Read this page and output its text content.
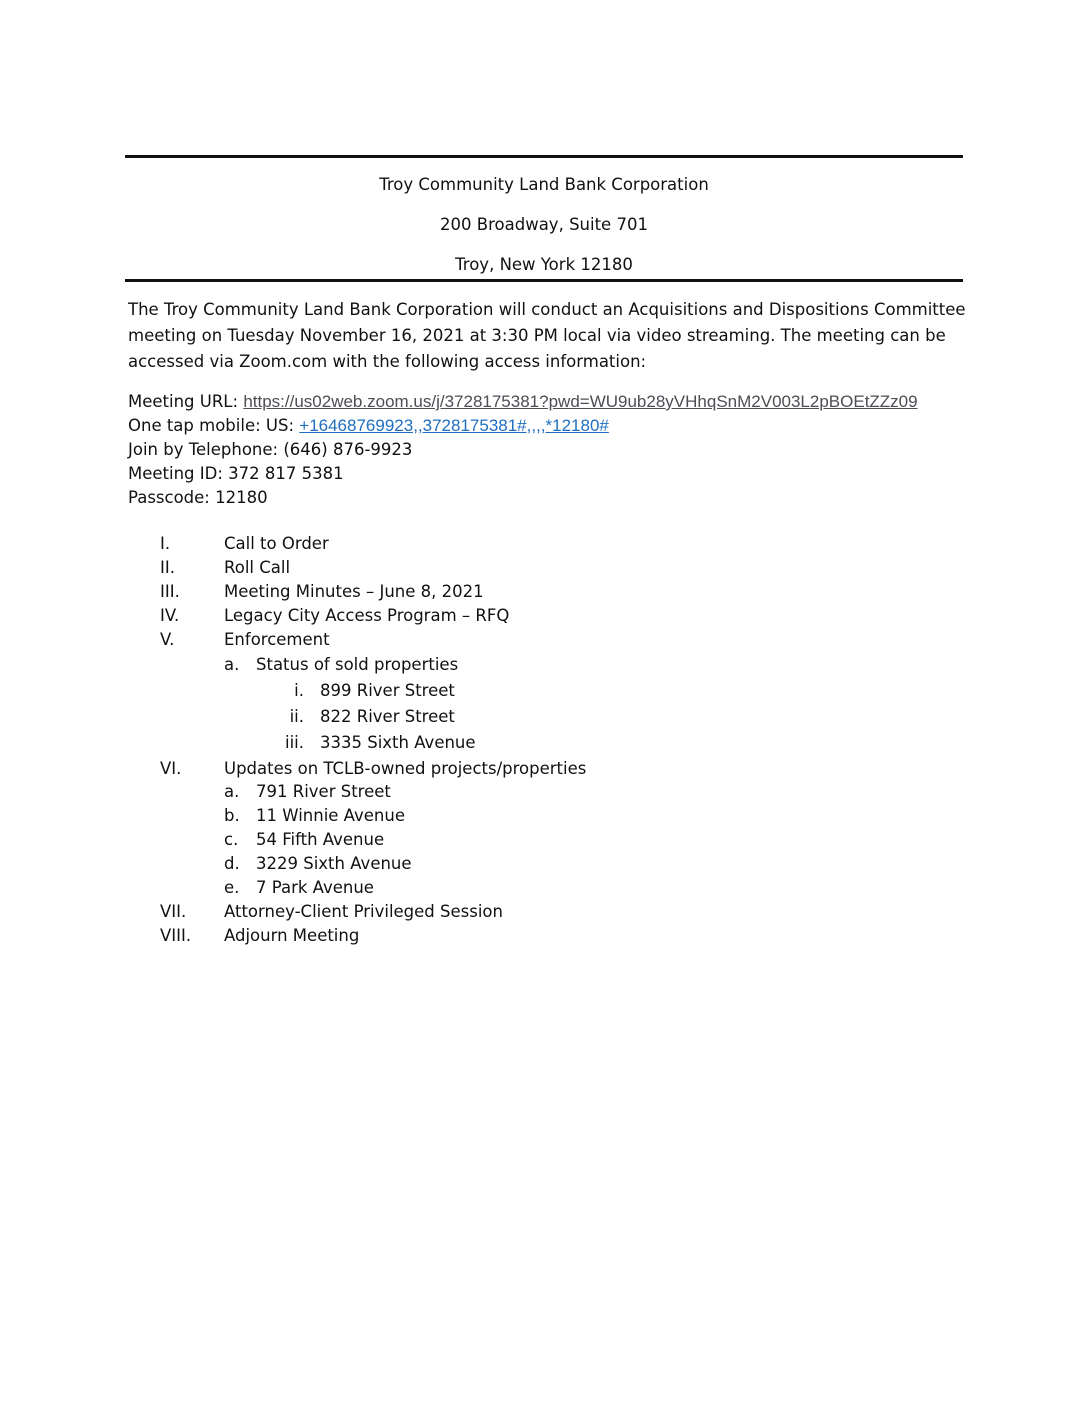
Troy Community Land Bank Corporation
200 Broadway, Suite 701
Troy, New York 12180
The Troy Community Land Bank Corporation will conduct an Acquisitions and Dispositions Committee
meeting on Tuesday November 16, 2021 at 3:30 PM local via video streaming. The meeting can be
accessed via Zoom.com with the following access information:
Meeting URL: https://us02web.zoom.us/j/3728175381?pwd=WU9ub28yVHhqSnM2V003L2pBOEtZZz09
One tap mobile: US: +16468769923,,3728175381#,,,,*12180#
Join by Telephone: (646) 876-9923
Meeting ID: 372 817 5381
Passcode: 12180
I.	Call to Order
II.	Roll Call
III.	Meeting Minutes – June 8, 2021
IV.	Legacy City Access Program – RFQ
V.	Enforcement
a. Status of sold properties
i. 899 River Street
ii. 822 River Street
iii. 3335 Sixth Avenue
VI.	Updates on TCLB-owned projects/properties
a. 791 River Street
b. 11 Winnie Avenue
c. 54 Fifth Avenue
d. 3229 Sixth Avenue
e. 7 Park Avenue
VII. Attorney-Client Privileged Session
VIII. Adjourn Meeting
